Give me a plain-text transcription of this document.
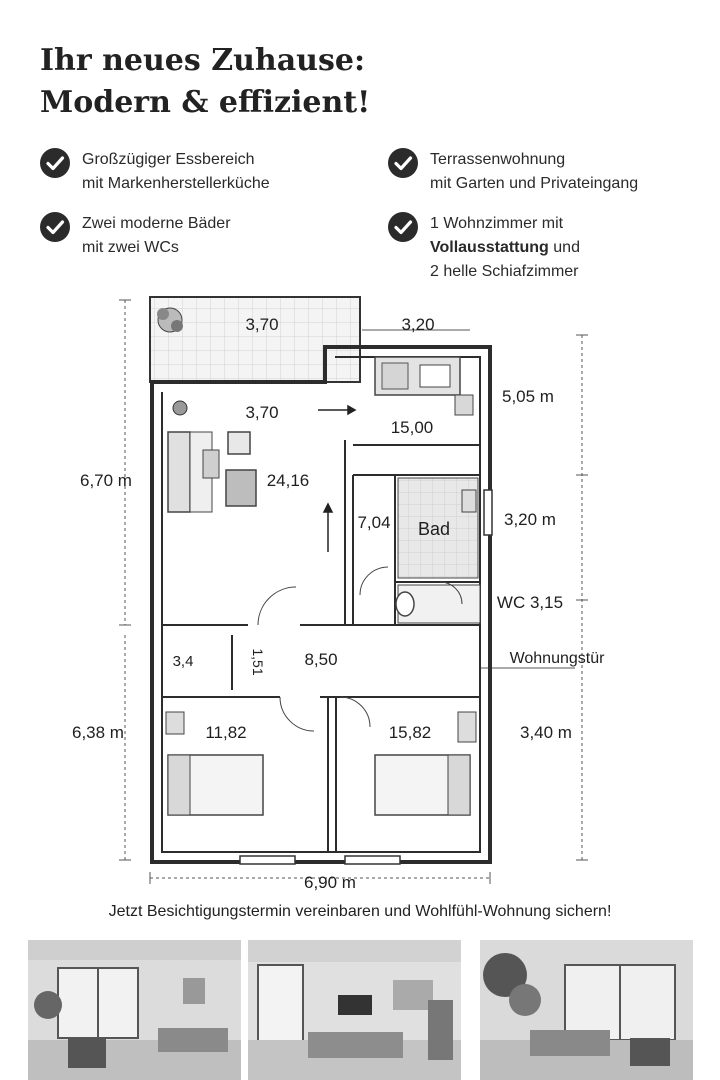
Ihr neues Zuhause:
Modern & effizient!
Großzügiger Essbereich
mit Markenherstellerküche
Terrassenwohnung
mit Garten und Privateingang
Zwei moderne Bäder
mit zwei WCs
1 Wohnzimmer mit
Vollausstattung und
2 helle Schiafzimmer
3,70	3,20
3,70
15,00
24,16
7,04 Bad
3,4	1,51 8,50
11,82	15,82
5,05 m
3,20 m
WC 3,15
Wohnungstür
3,40 m
6,70 m
6,38 m
6,90 m
Jetzt Besichtigungstermin vereinbaren und Wohlfühl-Wohnung sichern!
